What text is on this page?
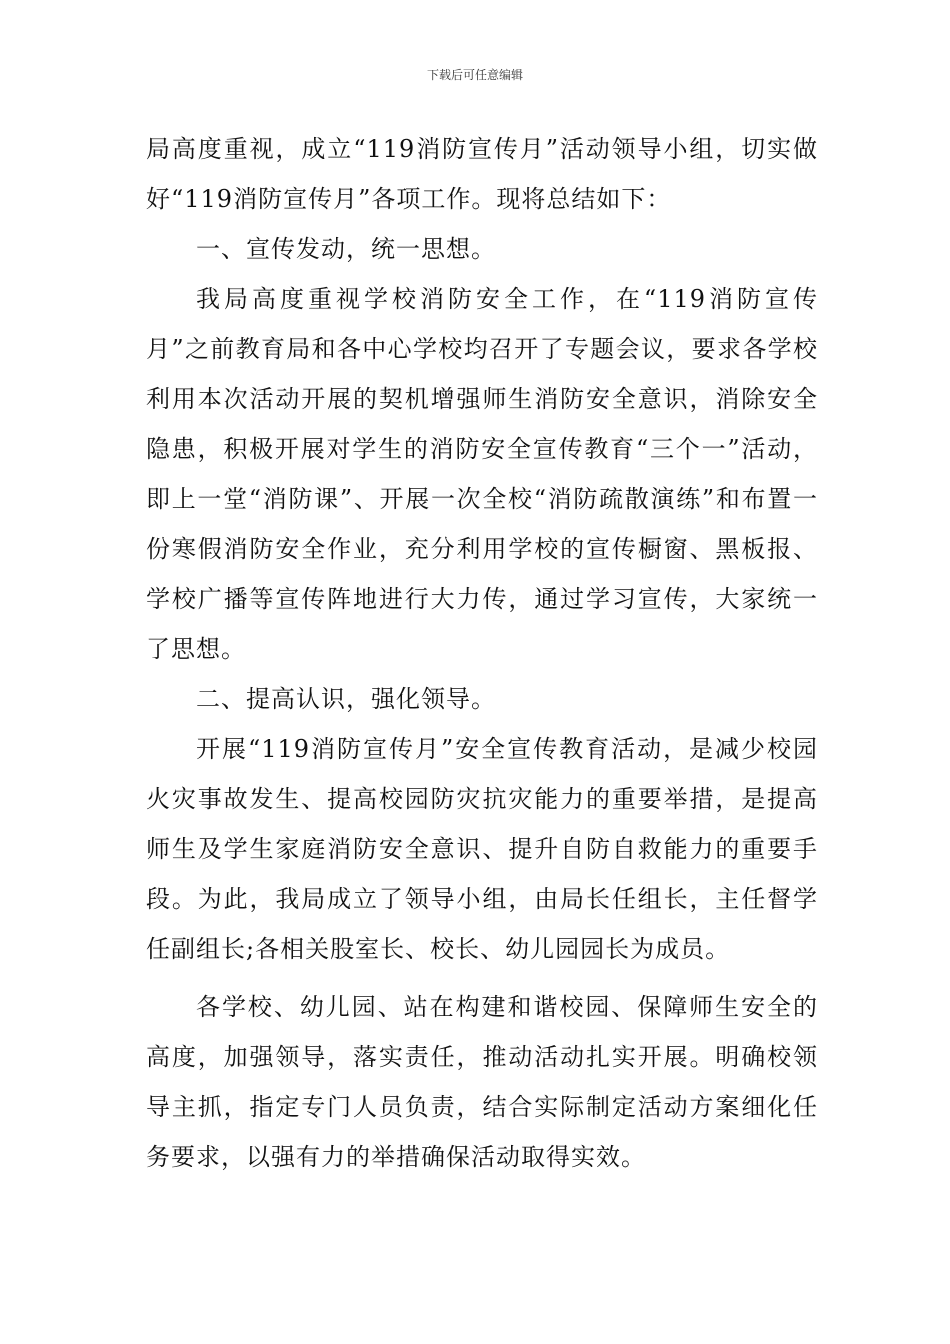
下载后可任意编辑

局高度重视，成立“119消防宣传月”活动领导小组，切实做好“119消防宣传月”各项工作。现将总结如下：

一、宣传发动，统一思想。

我局高度重视学校消防安全工作，在“119消防宣传月”之前教育局和各中心学校均召开了专题会议，要求各学校利用本次活动开展的契机增强师生消防安全意识，消除安全隐患，积极开展对学生的消防安全宣传教育“三个一”活动，即上一堂“消防课”、开展一次全校“消防疏散演练”和布置一份寒假消防安全作业，充分利用学校的宣传橱窗、黑板报、学校广播等宣传阵地进行大力传，通过学习宣传，大家统一了思想。

二、提高认识，强化领导。

开展“119消防宣传月”安全宣传教育活动，是减少校园火灾事故发生、提高校园防灾抗灾能力的重要举措，是提高师生及学生家庭消防安全意识、提升自防自救能力的重要手段。为此，我局成立了领导小组，由局长任组长，主任督学任副组长;各相关股室长、校长、幼儿园园长为成员。

各学校、幼儿园、站在构建和谐校园、保障师生安全的高度，加强领导，落实责任，推动活动扎实开展。明确校领导主抓，指定专门人员负责，结合实际制定活动方案细化任务要求，以强有力的举措确保活动取得实效。
